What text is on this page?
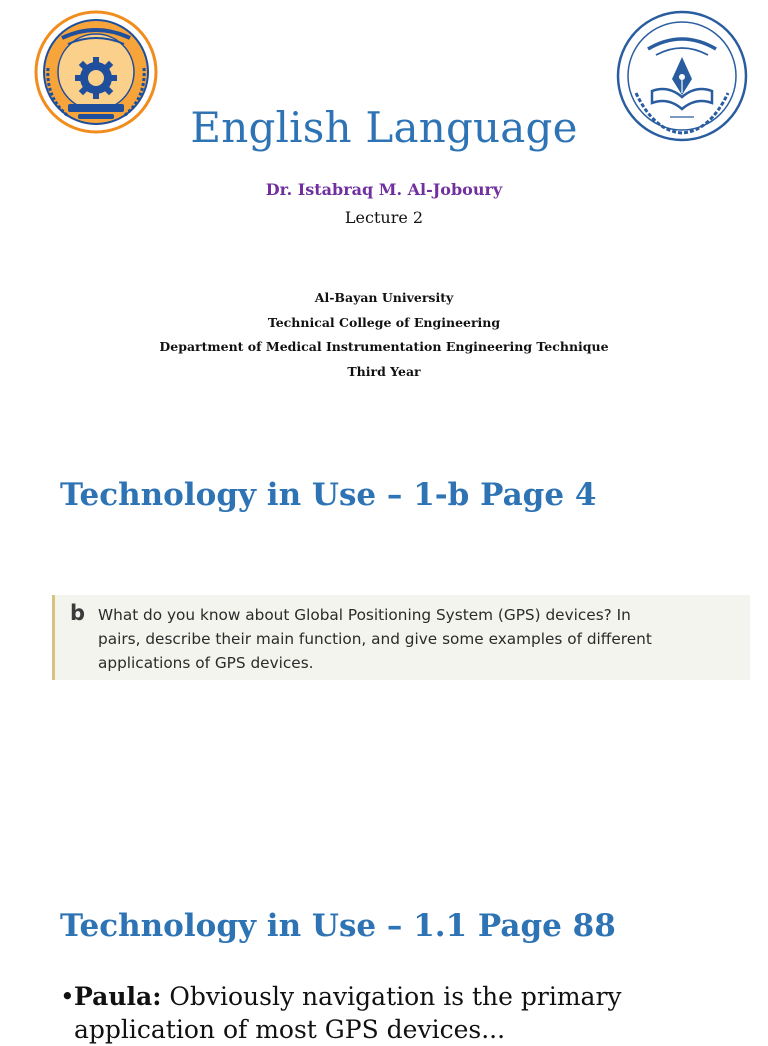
English Language
Dr. Istabraq M. Al-Joboury
Lecture 2
Al-Bayan University
Technical College of Engineering
Department of Medical Instrumentation Engineering Technique
Third Year
Technology in Use – 1-b Page 4
b What do you know about Global Positioning System (GPS) devices? In
pairs, describe their main function, and give some examples of different
applications of GPS devices.
Technology in Use – 1.1 Page 88
•Paula: Obviously navigation is the primary
application of most GPS devices...
